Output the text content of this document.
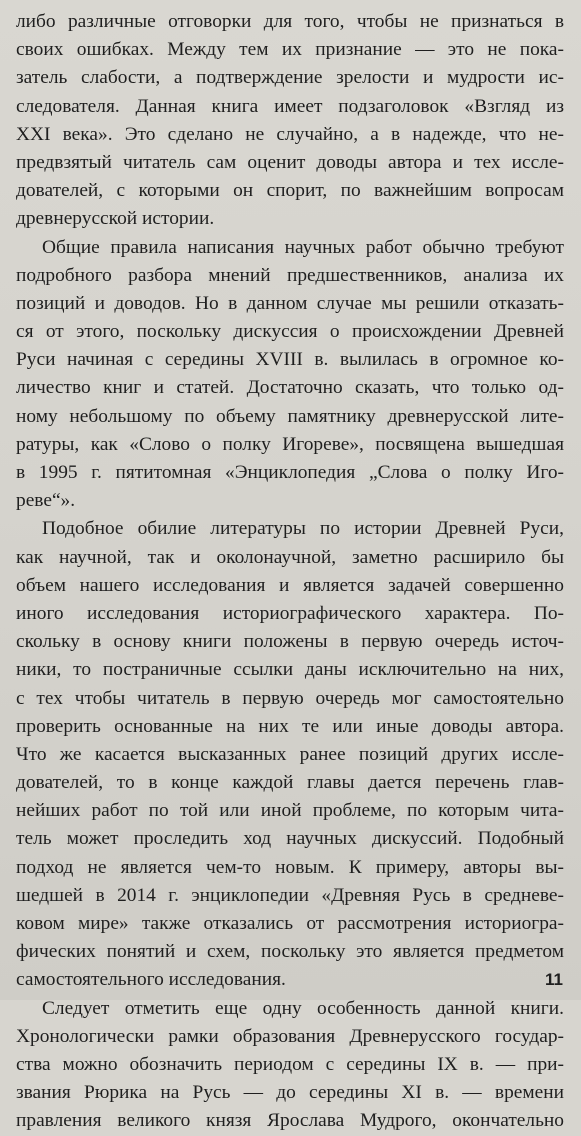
либо различные отговорки для того, чтобы не признаться в
своих ошибках. Между тем их признание — это не пока-
затель слабости, а подтверждение зрелости и мудрости ис-
следователя. Данная книга имеет подзаголовок «Взгляд из
XXI века». Это сделано не случайно, а в надежде, что не-
предвзятый читатель сам оценит доводы автора и тех иссле-
дователей, с которыми он спорит, по важнейшим вопросам
древнерусской истории.
Общие правила написания научных работ обычно требуют
подробного разбора мнений предшественников, анализа их
позиций и доводов. Но в данном случае мы решили отказать-
ся от этого, поскольку дискуссия о происхождении Древней
Руси начиная с середины XVIII в. вылилась в огромное ко-
личество книг и статей. Достаточно сказать, что только од-
ному небольшому по объему памятнику древнерусской лите-
ратуры, как «Слово о полку Игореве», посвящена вышедшая
в 1995 г. пятитомная «Энциклопедия „Слова о полку Иго-
реве“».
Подобное обилие литературы по истории Древней Руси,
как научной, так и околонаучной, заметно расширило бы
объем нашего исследования и является задачей совершенно
иного исследования историографического характера. По-
скольку в основу книги положены в первую очередь источ-
ники, то постраничные ссылки даны исключительно на них,
с тех чтобы читатель в первую очередь мог самостоятельно
проверить основанные на них те или иные доводы автора.
Что же касается высказанных ранее позиций других иссле-
дователей, то в конце каждой главы дается перечень глав-
нейших работ по той или иной проблеме, по которым чита-
тель может проследить ход научных дискуссий. Подобный
подход не является чем-то новым. К примеру, авторы вы-
шедшей в 2014 г. энциклопедии «Древняя Русь в средневе-
ковом мире» также отказались от рассмотрения историогра-
фических понятий и схем, поскольку это является предметом
самостоятельного исследования.
Следует отметить еще одну особенность данной книги.
Хронологически рамки образования Древнерусского государ-
ства можно обозначить периодом с середины IX в. — при-
звания Рюрика на Русь — до середины XI в. — времени
правления великого князя Ярослава Мудрого, окончательно
11
